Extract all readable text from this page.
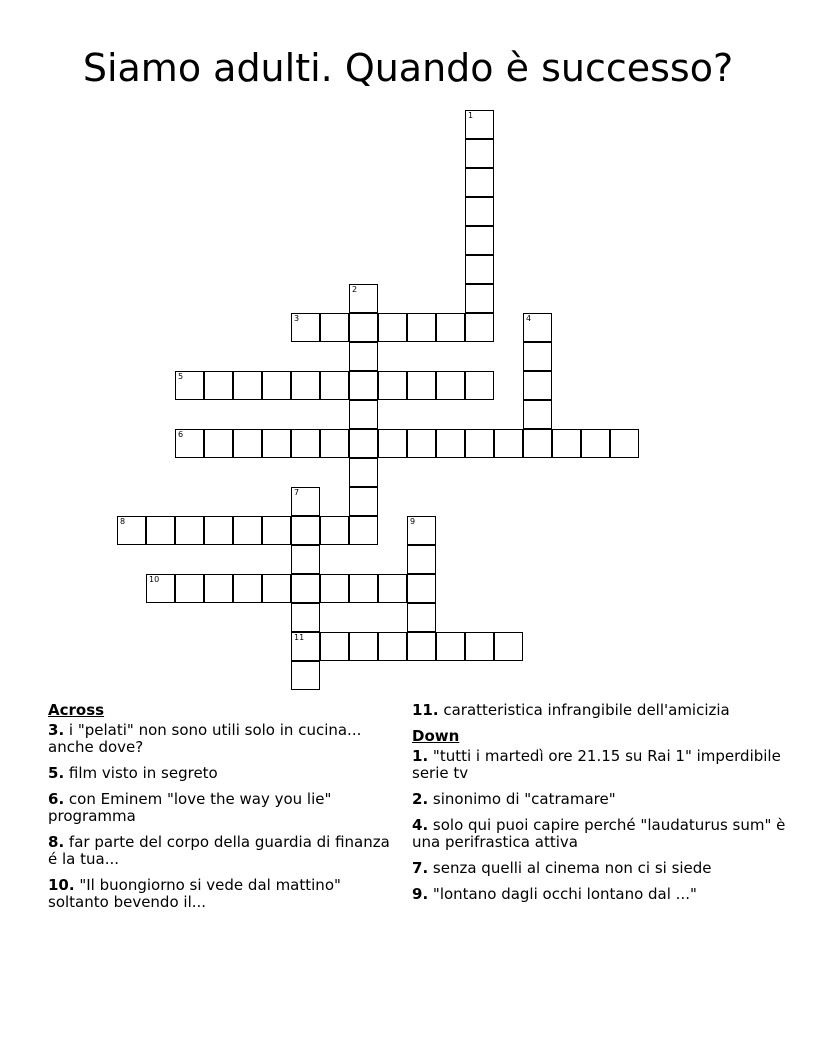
Siamo adulti. Quando è successo?
1
2
3	4
5
6
7
11
8	9
10
Across
3. i "pelati" non sono utili solo in cucina... anche dove?
5. film visto in segreto
6. con Eminem "love the way you lie" programma
8. far parte del corpo della guardia di finanza é la tua...
10. "Il buongiorno si vede dal mattino" soltanto bevendo il...
11. caratteristica infrangibile dell'amicizia
Down
1. "tutti i martedì ore 21.15 su Rai 1" imperdibile serie tv
2. sinonimo di "catramare"
4. solo qui puoi capire perché "laudaturus sum" è una perifrastica attiva
7. senza quelli al cinema non ci si siede
9. "lontano dagli occhi lontano dal ..."
